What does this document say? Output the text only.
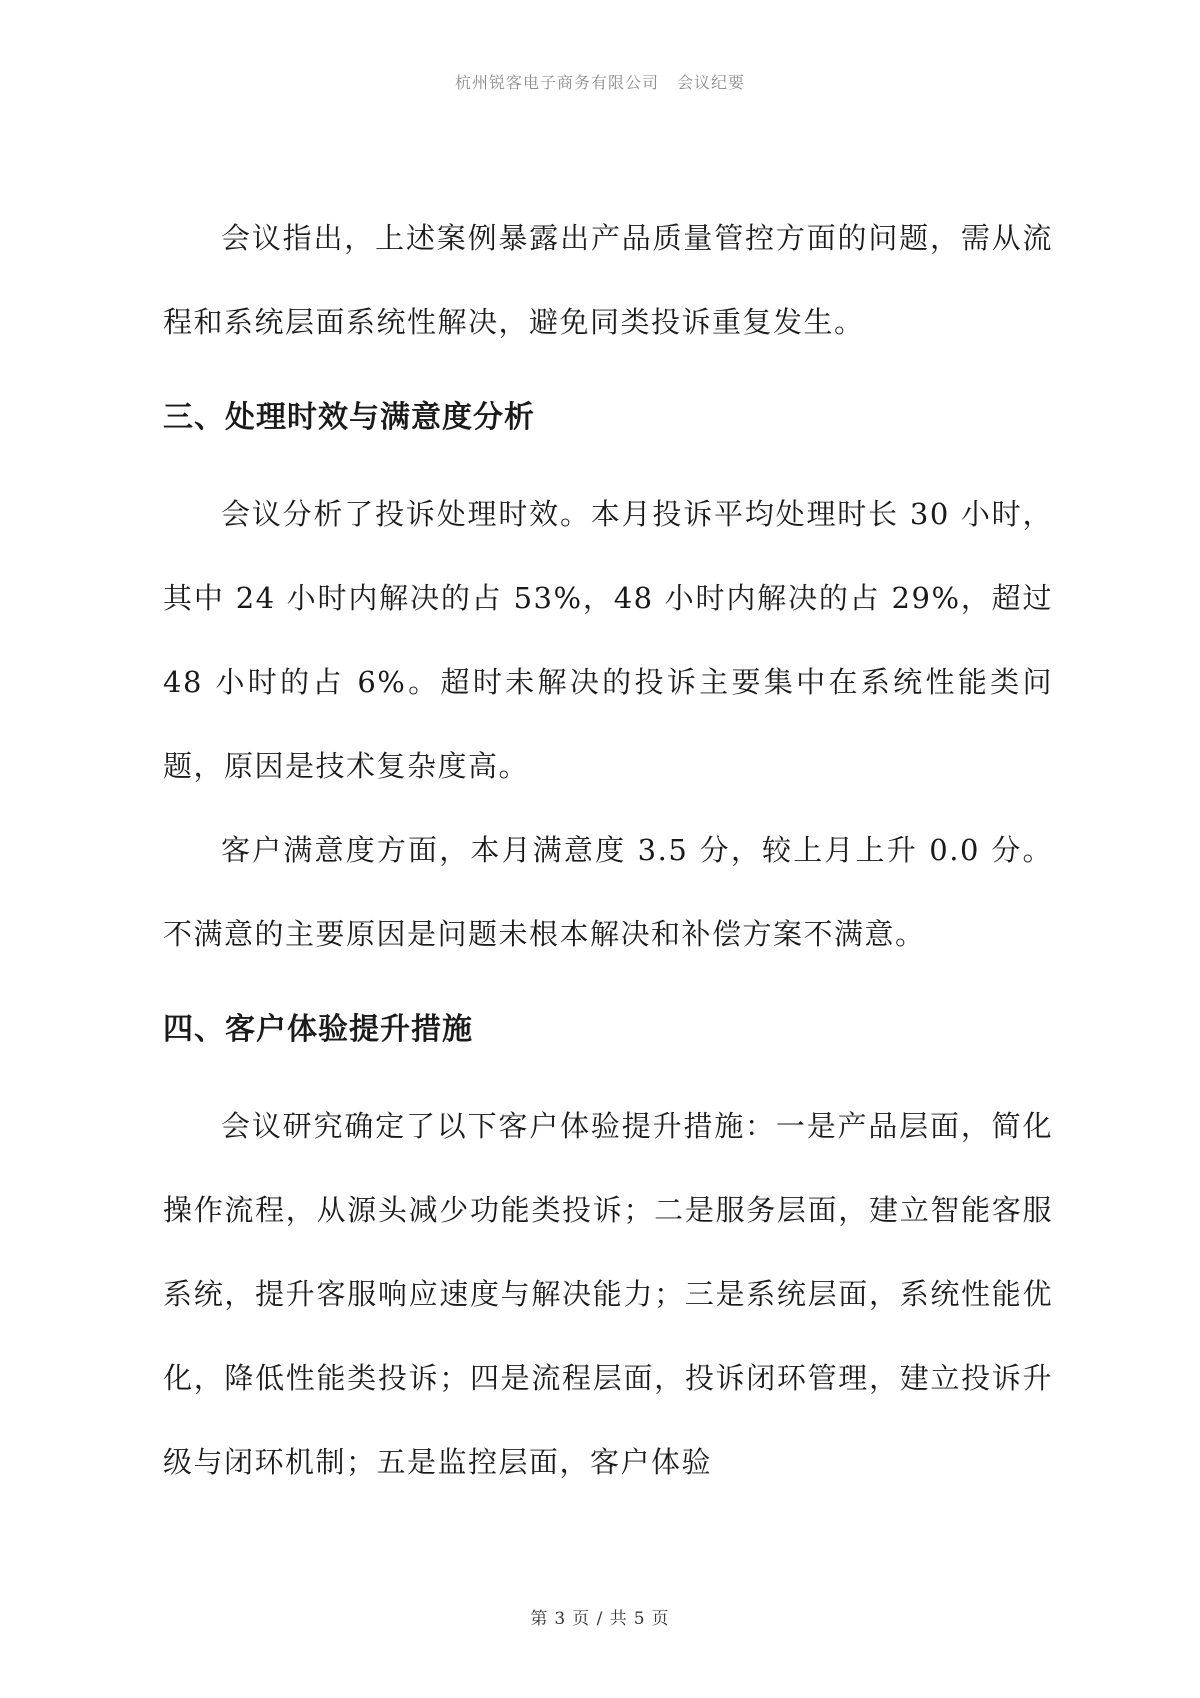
杭州锐客电子商务有限公司 会议纪要

会议指出，上述案例暴露出产品质量管控方面的问题，需从流程和系统层面系统性解决，避免同类投诉重复发生。

三、处理时效与满意度分析

会议分析了投诉处理时效。本月投诉平均处理时长 30 小时，其中 24 小时内解决的占 53%，48 小时内解决的占 29%，超过 48 小时的占 6%。超时未解决的投诉主要集中在系统性能类问题，原因是技术复杂度高。

客户满意度方面，本月满意度 3.5 分，较上月上升 0.0 分。不满意的主要原因是问题未根本解决和补偿方案不满意。

四、客户体验提升措施

会议研究确定了以下客户体验提升措施：一是产品层面，简化操作流程，从源头减少功能类投诉；二是服务层面，建立智能客服系统，提升客服响应速度与解决能力；三是系统层面，系统性能优化，降低性能类投诉；四是流程层面，投诉闭环管理，建立投诉升级与闭环机制；五是监控层面，客户体验

第 3 页 / 共 5 页
